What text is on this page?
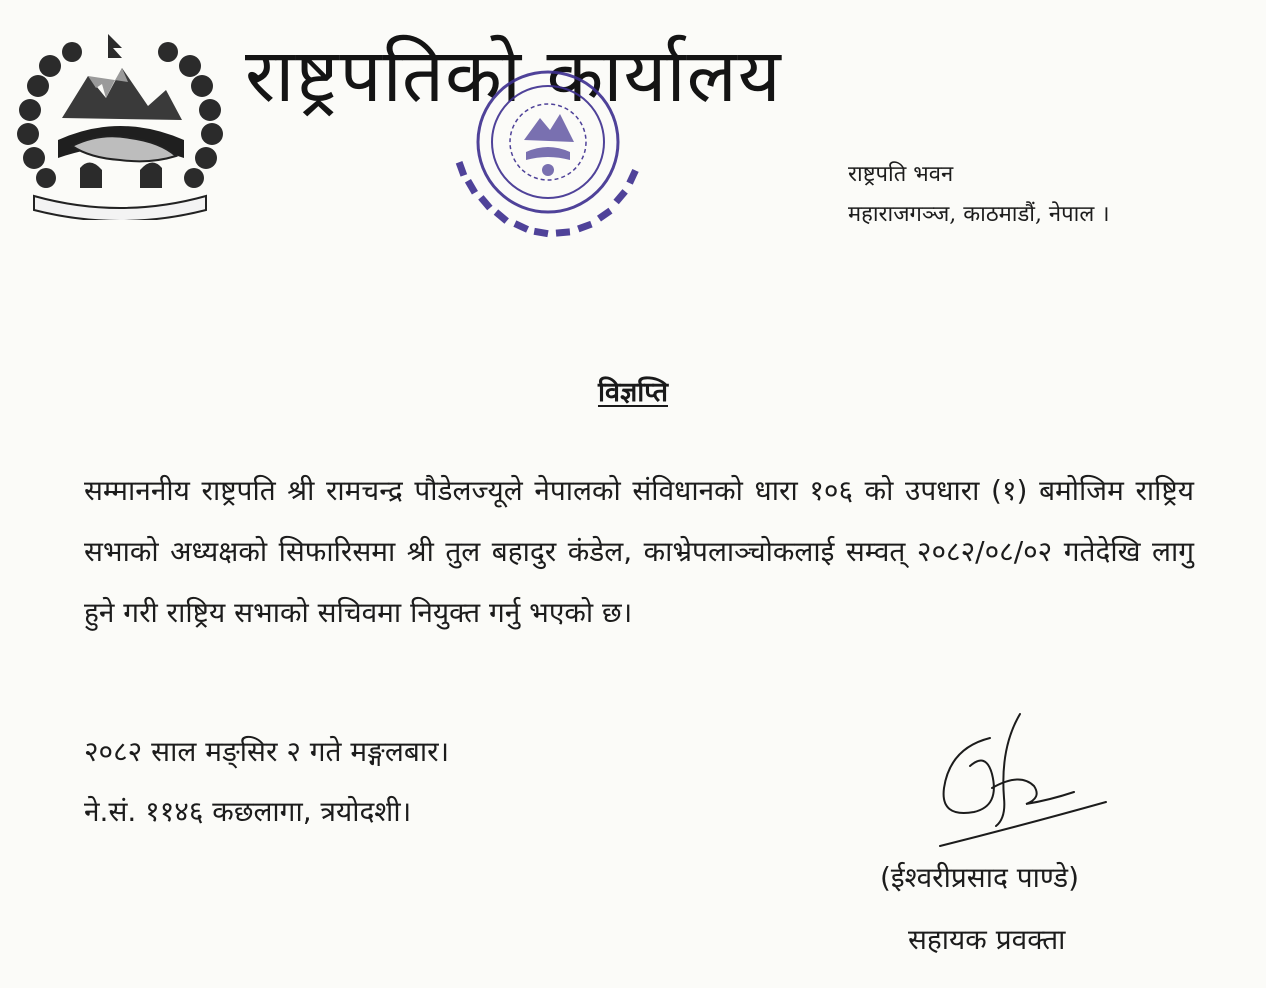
राष्ट्रपतिको कार्यालय
राष्ट्रपति भवन
महाराजगञ्ज, काठमाडौं, नेपाल ।
विज्ञप्ति
सम्माननीय राष्ट्रपति श्री रामचन्द्र पौडेलज्यूले नेपालको संविधानको धारा १०६ को उपधारा (१) बमोजिम राष्ट्रिय सभाको अध्यक्षको सिफारिसमा श्री तुल बहादुर कंडेल, काभ्रेपलाञ्चोकलाई सम्वत् २०८२/०८/०२ गतेदेखि लागु हुने गरी राष्ट्रिय सभाको सचिवमा नियुक्त गर्नु भएको छ।
२०८२ साल मङ्सिर २ गते मङ्गलबार।
ने.सं. ११४६ कछलागा, त्रयोदशी।
(ईश्वरीप्रसाद पाण्डे)
सहायक प्रवक्ता
